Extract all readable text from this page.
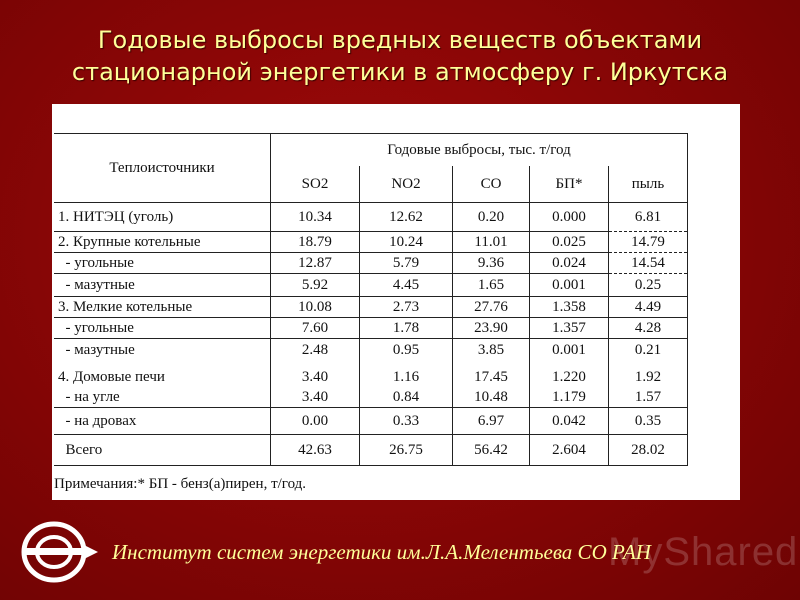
Годовые выбросы вредных веществ объектами
стационарной энергетики в атмосферу г. Иркутска
Теплоисточники	Годовые выбросы, тыс. т/год				
	SO2	NO2	CO	БП*	пыль
1. НИТЭЦ (уголь)	10.34	12.62	0.20	0.000	6.81
2. Крупные котельные	18.79	10.24	11.01	0.025	14.79
- угольные	12.87	5.79	9.36	0.024	14.54
- мазутные	5.92	4.45	1.65	0.001	0.25
3. Мелкие котельные	10.08	2.73	27.76	1.358	4.49
- угольные	7.60	1.78	23.90	1.357	4.28
- мазутные	2.48	0.95	3.85	0.001	0.21
4. Домовые печи	3.40	1.16	17.45	1.220	1.92
- на угле	3.40	0.84	10.48	1.179	1.57
- на дровах	0.00	0.33	6.97	0.042	0.35
Всего	42.63	26.75	56.42	2.604	28.02
Примечания:* БП - бенз(а)пирен, т/год.
Институт систем энергетики им.Л.А.Мелентьева СО РАН
MyShared
